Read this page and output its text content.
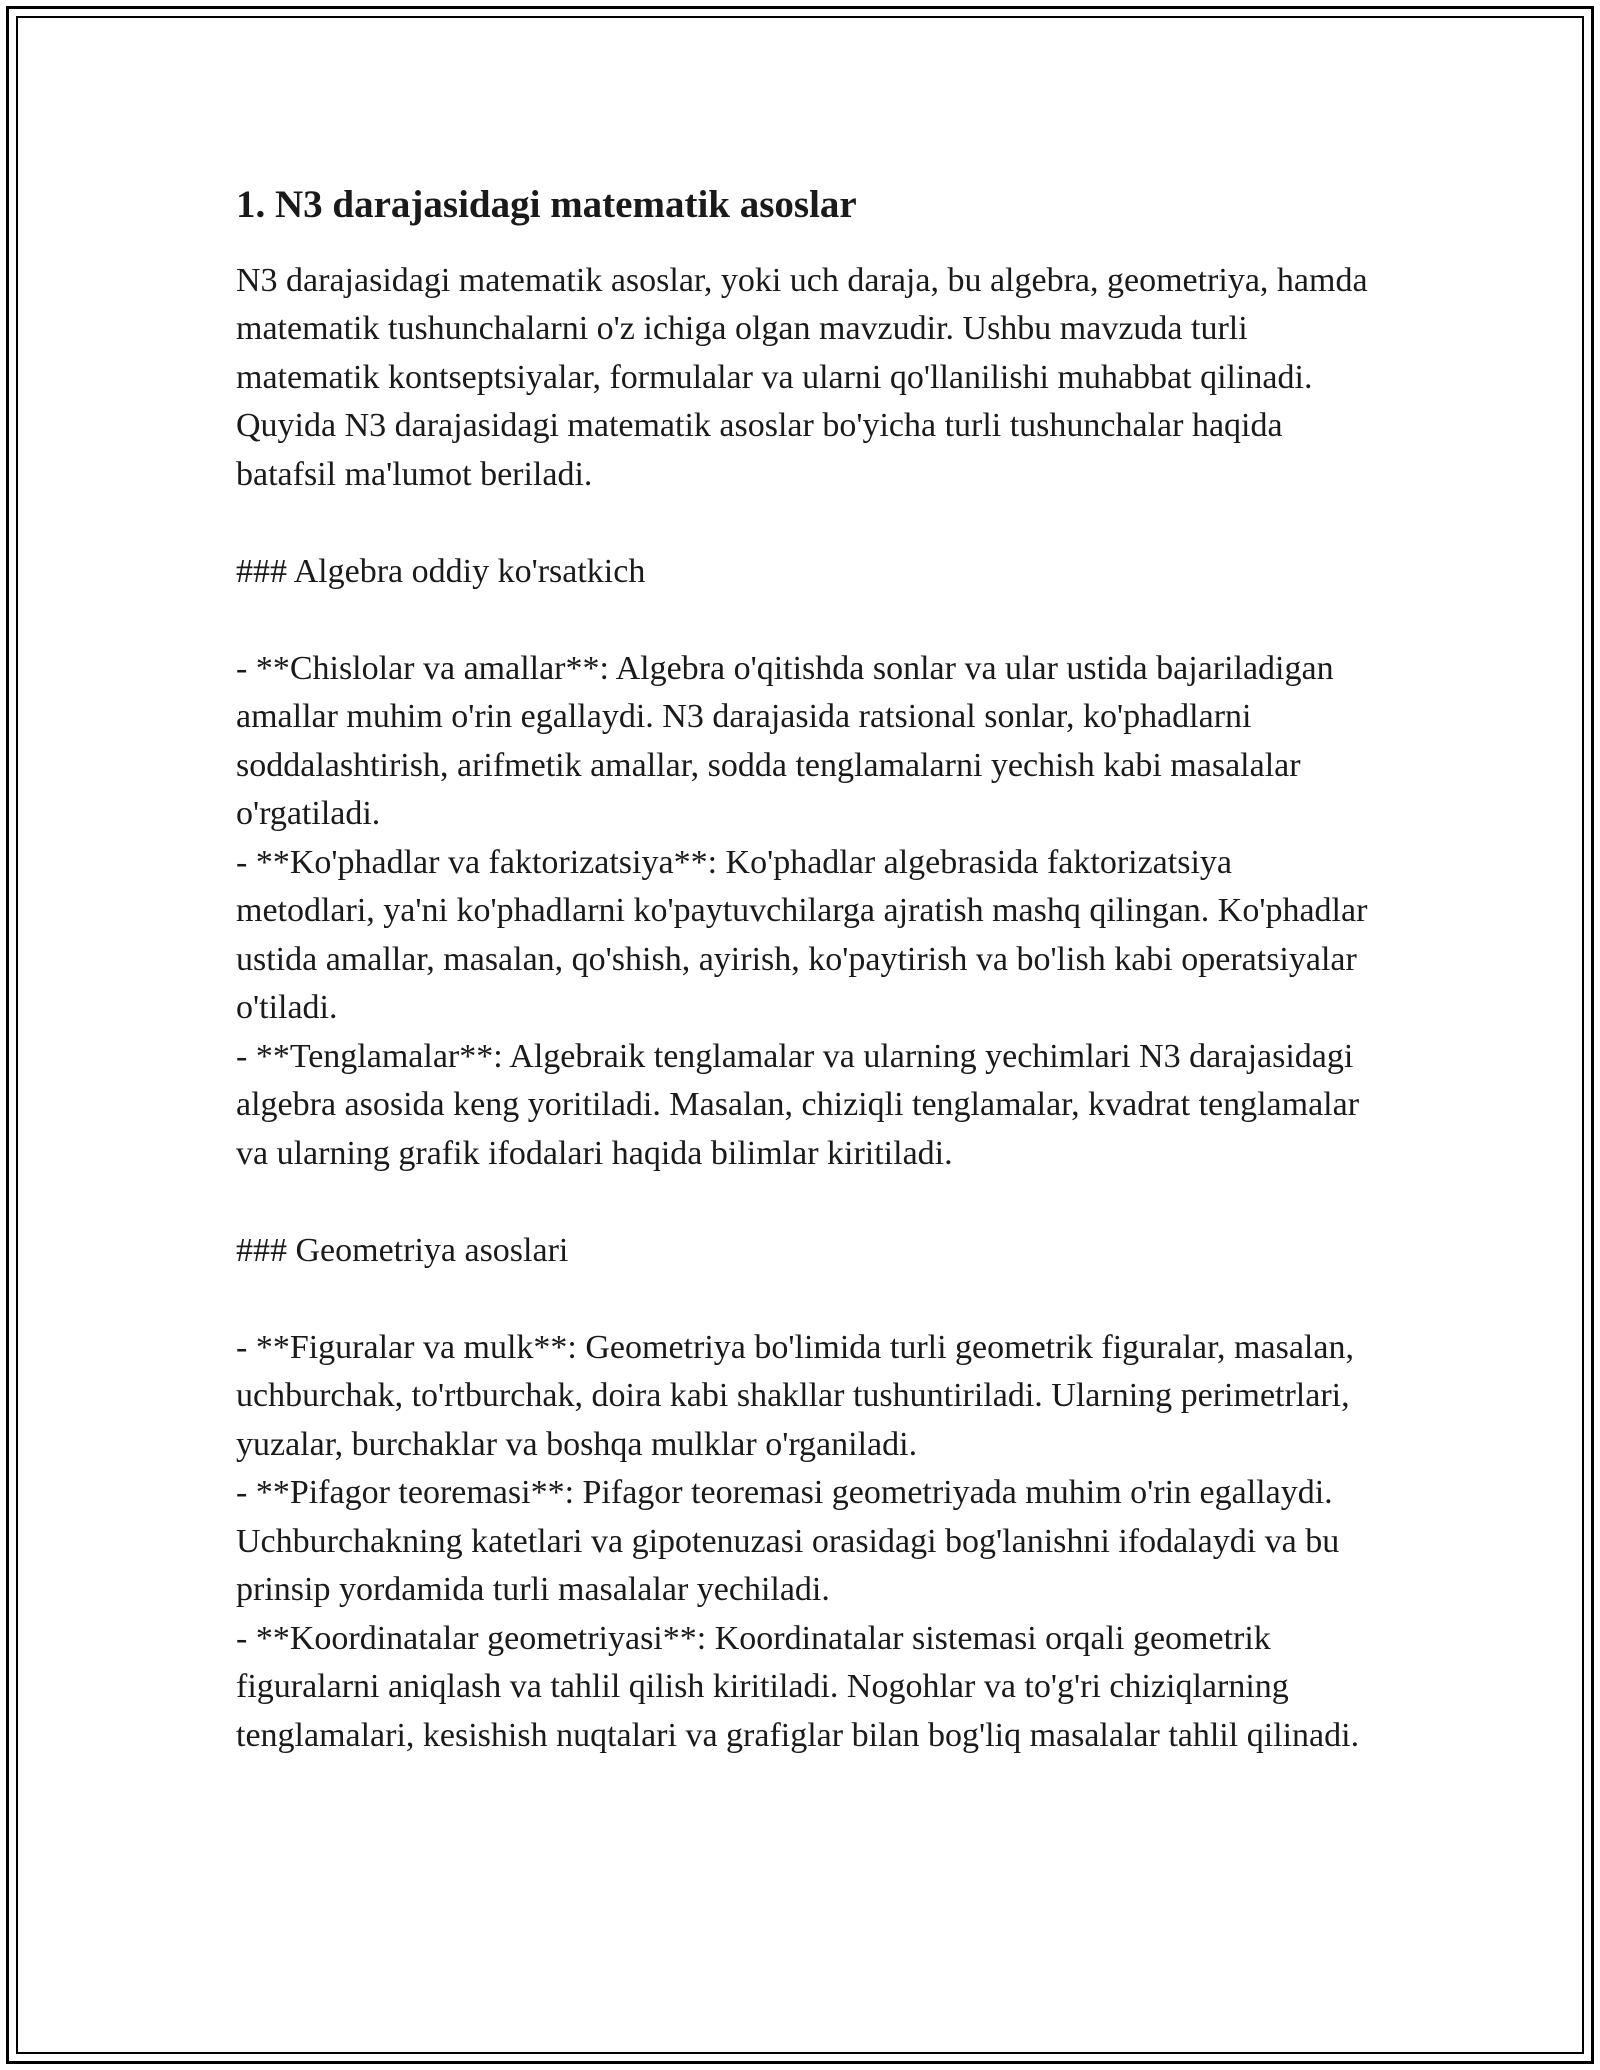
1. N3 darajasidagi matematik asoslar

N3 darajasidagi matematik asoslar, yoki uch daraja, bu algebra, geometriya, hamda matematik tushunchalarni o'z ichiga olgan mavzudir. Ushbu mavzuda turli matematik kontseptsiyalar, formulalar va ularni qo'llanilishi muhabbat qilinadi. Quyida N3 darajasidagi matematik asoslar bo'yicha turli tushunchalar haqida batafsil ma'lumot beriladi.

### Algebra oddiy ko'rsatkich

- **Chislolar va amallar**: Algebra o'qitishda sonlar va ular ustida bajariladigan amallar muhim o'rin egallaydi. N3 darajasida ratsional sonlar, ko'phadlarni soddalashtirish, arifmetik amallar, sodda tenglamalarni yechish kabi masalalar o'rgatiladi.

- **Ko'phadlar va faktorizatsiya**: Ko'phadlar algebrasida faktorizatsiya metodlari, ya'ni ko'phadlarni ko'paytuvchilarga ajratish mashq qilingan. Ko'phadlar ustida amallar, masalan, qo'shish, ayirish, ko'paytirish va bo'lish kabi operatsiyalar o'tiladi.

- **Tenglamalar**: Algebraik tenglamalar va ularning yechimlari N3 darajasidagi algebra asosida keng yoritiladi. Masalan, chiziqli tenglamalar, kvadrat tenglamalar va ularning grafik ifodalari haqida bilimlar kiritiladi.

### Geometriya asoslari

- **Figuralar va mulk**: Geometriya bo'limida turli geometrik figuralar, masalan, uchburchak, to'rtburchak, doira kabi shakllar tushuntiriladi. Ularning perimetrlari, yuzalar, burchaklar va boshqa mulklar o'rganiladi.

- **Pifagor teoremasi**: Pifagor teoremasi geometriyada muhim o'rin egallaydi. Uchburchakning katetlari va gipotenuzasi orasidagi bog'lanishni ifodalaydi va bu prinsip yordamida turli masalalar yechiladi.

- **Koordinatalar geometriyasi**: Koordinatalar sistemasi orqali geometrik figuralarni aniqlash va tahlil qilish kiritiladi. Nogohlar va to'g'ri chiziqlarning tenglamalari, kesishish nuqtalari va grafiglar bilan bog'liq masalalar tahlil qilinadi.
